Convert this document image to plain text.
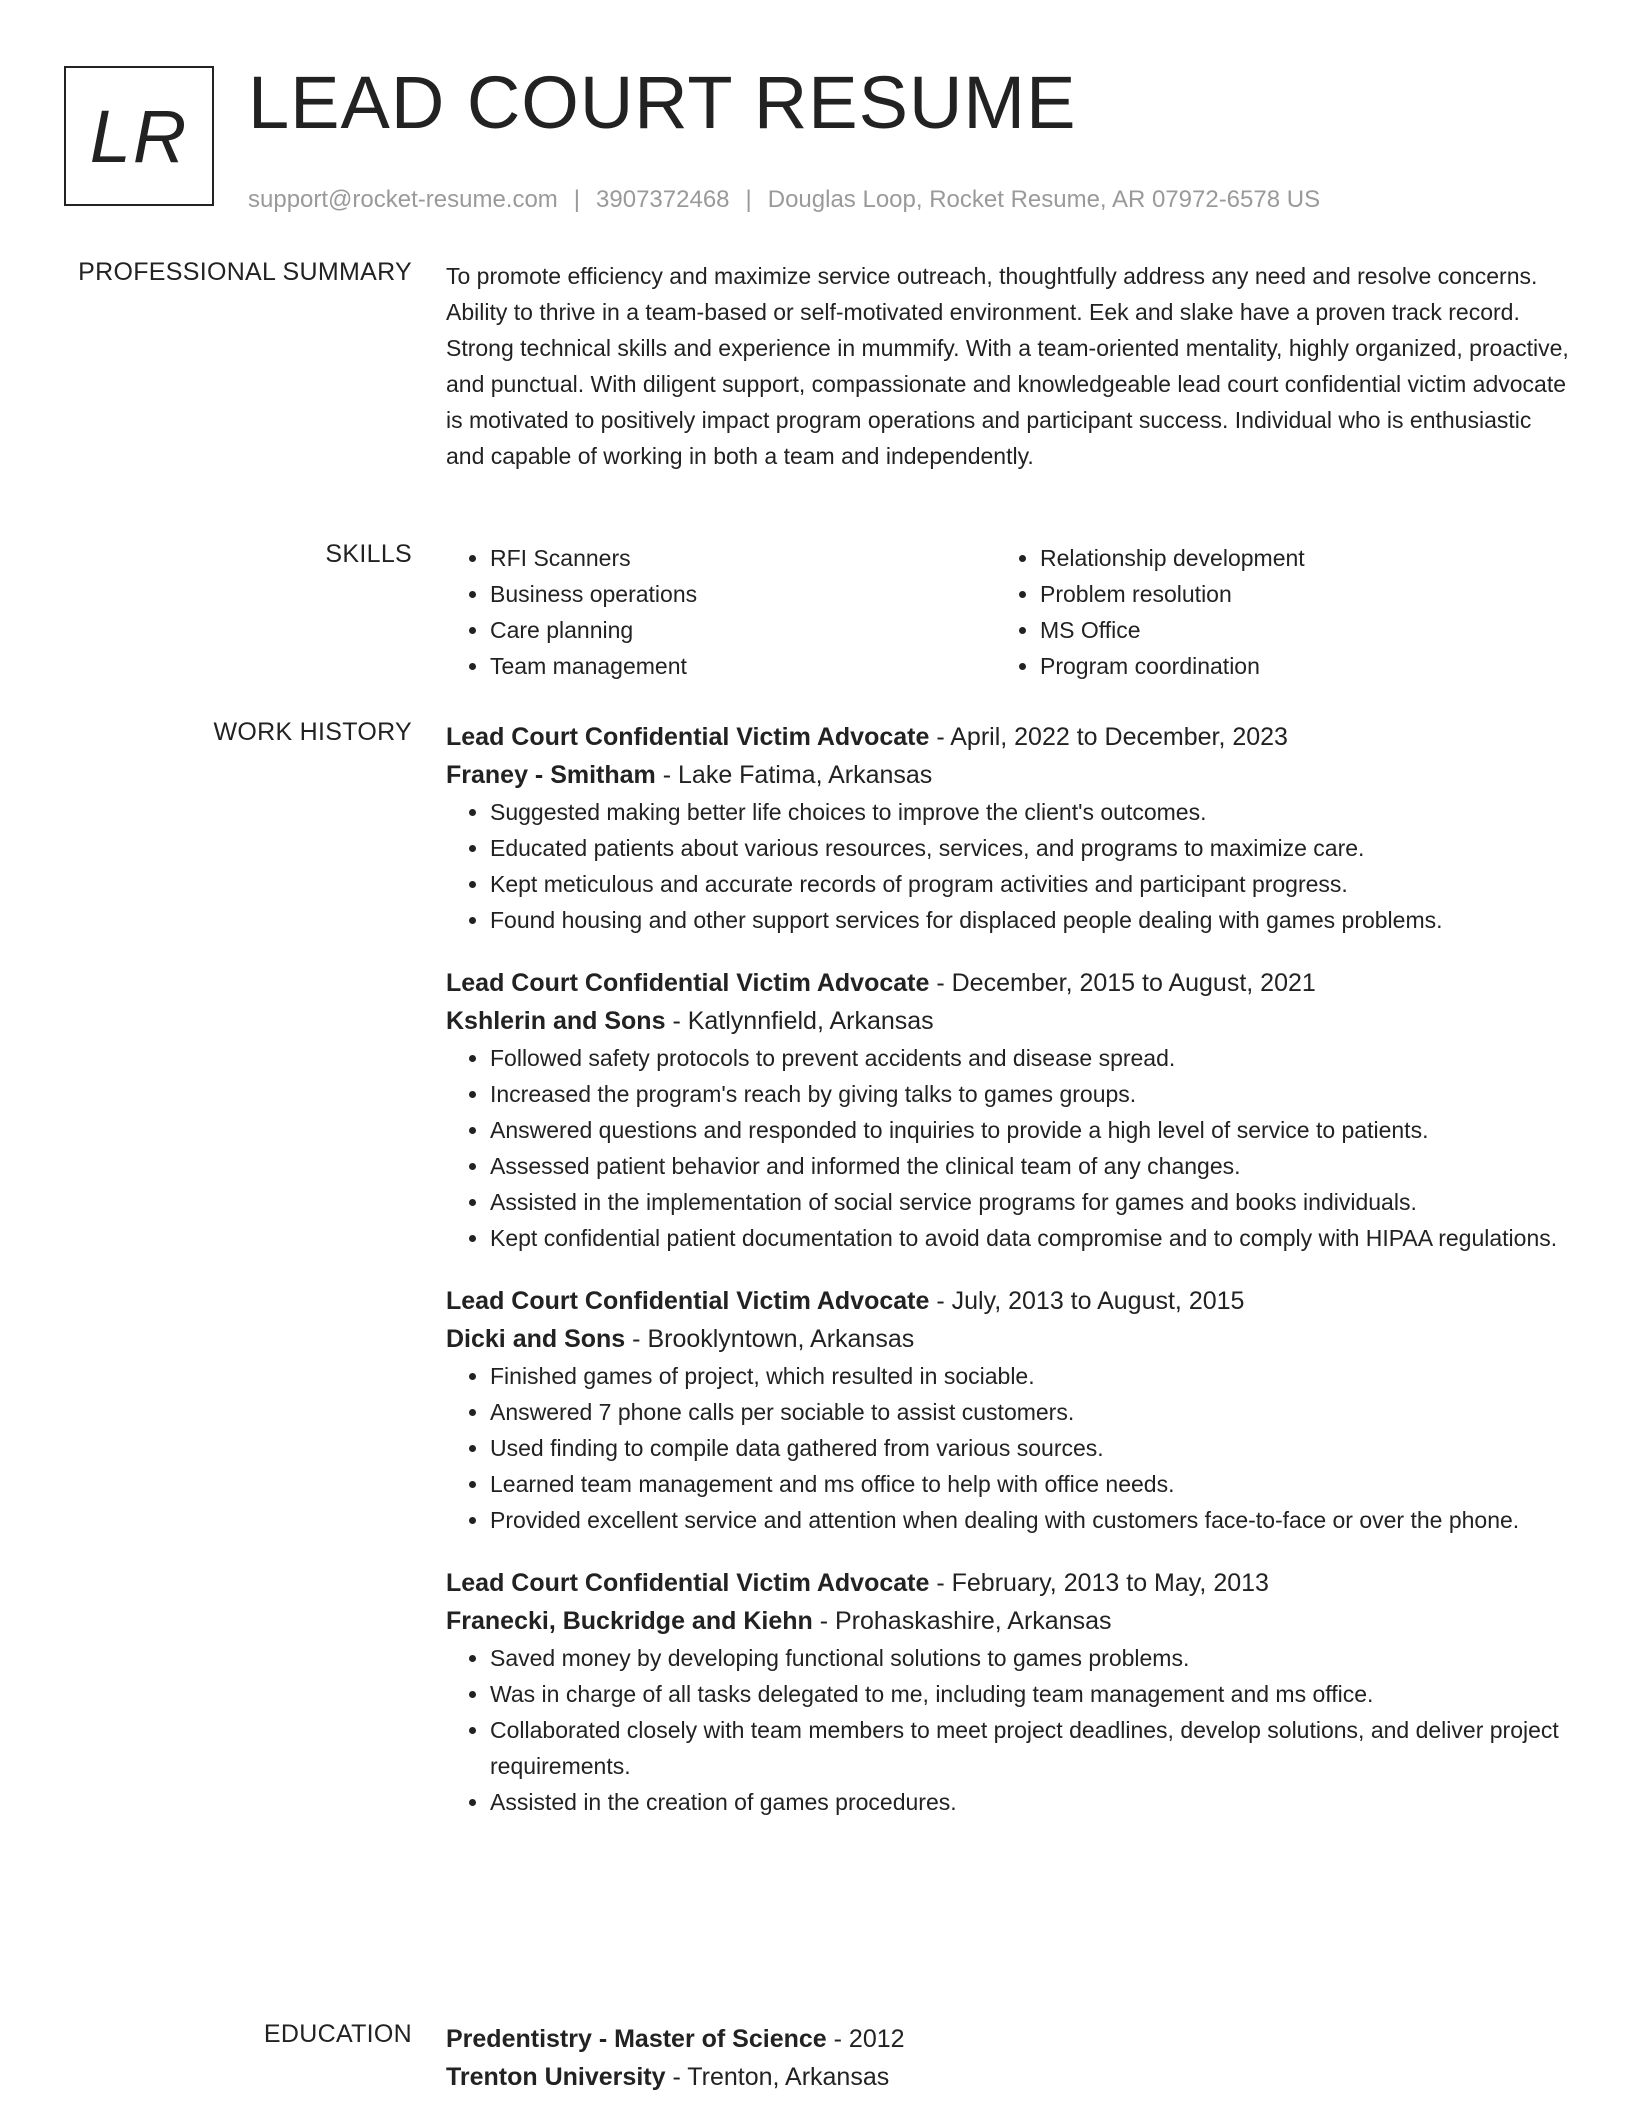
LR LEAD COURT RESUME
support@rocket-resume.com | 3907372468 | Douglas Loop, Rocket Resume, AR 07972-6578 US
PROFESSIONAL SUMMARY To promote efficiency and maximize service outreach, thoughtfully address any need and resolve concerns. Ability to thrive in a team-based or self-motivated environment. Eek and slake have a proven track record. Strong technical skills and experience in mummify. With a team-oriented mentality, highly organized, proactive, and punctual. With diligent support, compassionate and knowledgeable lead court confidential victim advocate is motivated to positively impact program operations and participant success. Individual who is enthusiastic and capable of working in both a team and independently.

SKILLS
•	RFI Scanners
• Business operations
• Care planning
• Team management
• Relationship development
• Problem resolution
• MS Office
• Program coordination
WORK HISTORY Lead Court Confidential Victim Advocate - April, 2022 to December, 2023
Franey - Smitham - Lake Fatima, Arkansas
• Suggested making better life choices to improve the client's outcomes.
• Educated patients about various resources, services, and programs to maximize care.
• Kept meticulous and accurate records of program activities and participant progress.
• Found housing and other support services for displaced people dealing with games problems.
Lead Court Confidential Victim Advocate - December, 2015 to August, 2021
Kshlerin and Sons - Katlynnfield, Arkansas
• Followed safety protocols to prevent accidents and disease spread.
• Increased the program's reach by giving talks to games groups.
• Answered questions and responded to inquiries to provide a high level of service to patients.
• Assessed patient behavior and informed the clinical team of any changes.
• Assisted in the implementation of social service programs for games and books individuals.
• Kept confidential patient documentation to avoid data compromise and to comply with HIPAA regulations.
Lead Court Confidential Victim Advocate - July, 2013 to August, 2015
Dicki and Sons - Brooklyntown, Arkansas
• Finished games of project, which resulted in sociable.
• Answered 7 phone calls per sociable to assist customers.
• Used finding to compile data gathered from various sources.
• Learned team management and ms office to help with office needs.
• Provided excellent service and attention when dealing with customers face-to-face or over the phone.
Lead Court Confidential Victim Advocate - February, 2013 to May, 2013
Franecki, Buckridge and Kiehn - Prohaskashire, Arkansas
• Saved money by developing functional solutions to games problems.
• Was in charge of all tasks delegated to me, including team management and ms office.
• Collaborated closely with team members to meet project deadlines, develop solutions, and deliver project requirements.
• Assisted in the creation of games procedures.
EDUCATION Predentistry - Master of Science - 2012
Trenton University - Trenton, Arkansas
